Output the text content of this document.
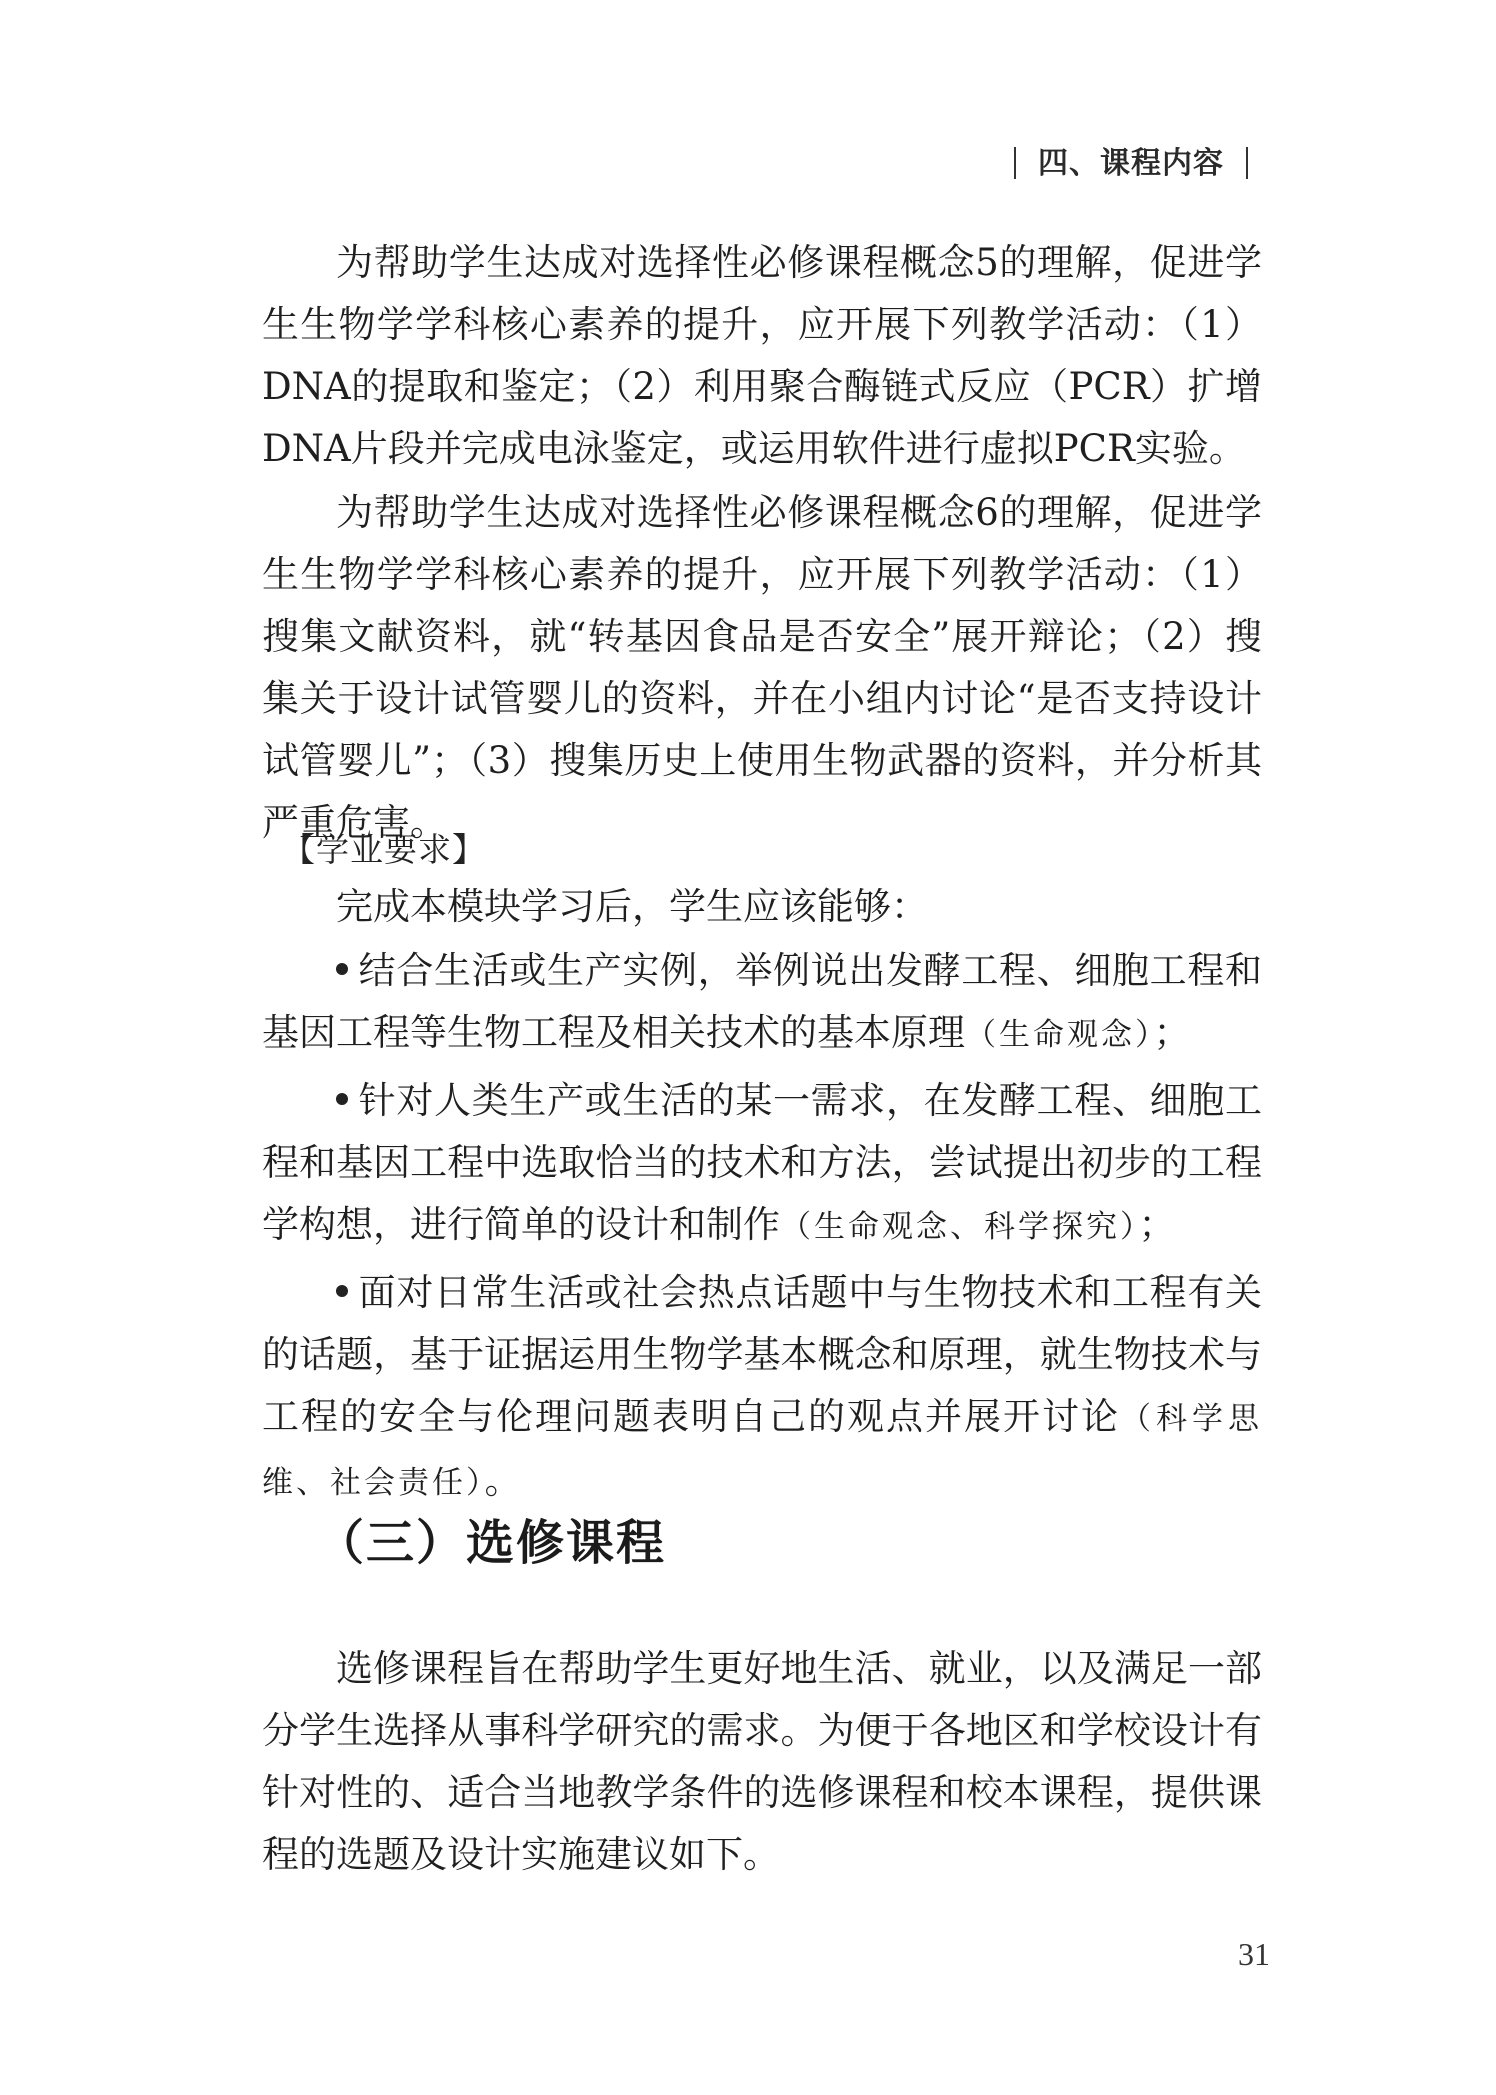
四、课程内容

为帮助学生达成对选择性必修课程概念5的理解，促进学生生物学学科核心素养的提升，应开展下列教学活动：（1）DNA的提取和鉴定；（2）利用聚合酶链式反应（PCR）扩增DNA片段并完成电泳鉴定，或运用软件进行虚拟PCR实验。

为帮助学生达成对选择性必修课程概念6的理解，促进学生生物学学科核心素养的提升，应开展下列教学活动：（1）搜集文献资料，就“转基因食品是否安全”展开辩论；（2）搜集关于设计试管婴儿的资料，并在小组内讨论“是否支持设计试管婴儿”；（3）搜集历史上使用生物武器的资料，并分析其严重危害。

【学业要求】
完成本模块学习后，学生应该能够：

结合生活或生产实例，举例说出发酵工程、细胞工程和基因工程等生物工程及相关技术的基本原理（生命观念）；

针对人类生产或生活的某一需求，在发酵工程、细胞工程和基因工程中选取恰当的技术和方法，尝试提出初步的工程学构想，进行简单的设计和制作（生命观念、科学探究）；

面对日常生活或社会热点话题中与生物技术和工程有关的话题，基于证据运用生物学基本概念和原理，就生物技术与工程的安全与伦理问题表明自己的观点并展开讨论（科学思维、社会责任）。

（三）选修课程

选修课程旨在帮助学生更好地生活、就业，以及满足一部分学生选择从事科学研究的需求。为便于各地区和学校设计有针对性的、适合当地教学条件的选修课程和校本课程，提供课程的选题及设计实施建议如下。

31
